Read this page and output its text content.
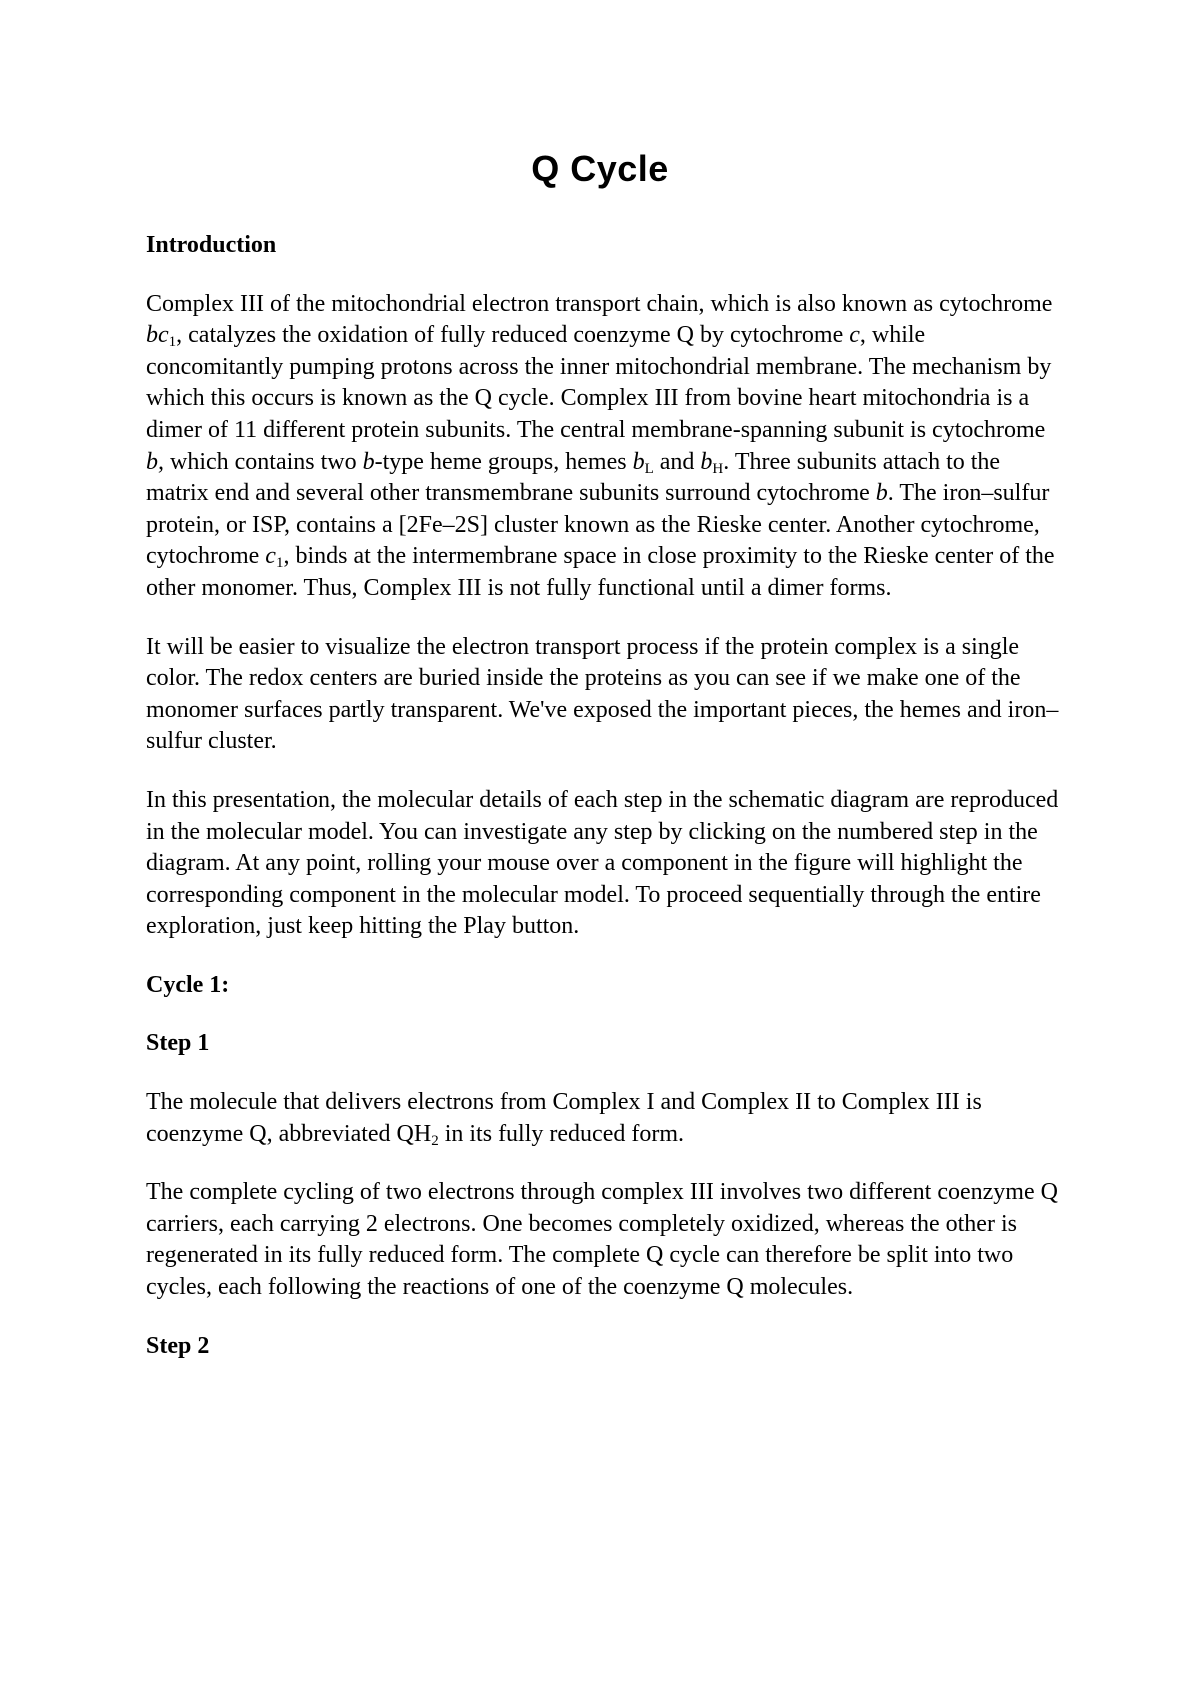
Q Cycle
Introduction

Complex III of the mitochondrial electron transport chain, which is also known as cytochrome $bc_1$, catalyzes the oxidation of fully reduced coenzyme Q by cytochrome c, while concomitantly pumping protons across the inner mitochondrial membrane. The mechanism by which this occurs is known as the Q cycle. Complex III from bovine heart mitochondria is a dimer of 11 different protein subunits. The central membrane-spanning subunit is cytochrome b, which contains two b-type heme groups, hemes $b_L$ and $b_H$. Three subunits attach to the matrix end and several other transmembrane subunits surround cytochrome b. The iron–sulfur protein, or ISP, contains a [2Fe–2S] cluster known as the Rieske center. Another cytochrome, cytochrome $c_1$, binds at the intermembrane space in close proximity to the Rieske center of the other monomer. Thus, Complex III is not fully functional until a dimer forms.

It will be easier to visualize the electron transport process if the protein complex is a single color. The redox centers are buried inside the proteins as you can see if we make one of the monomer surfaces partly transparent. We've exposed the important pieces, the hemes and iron–sulfur cluster.

In this presentation, the molecular details of each step in the schematic diagram are reproduced in the molecular model. You can investigate any step by clicking on the numbered step in the diagram. At any point, rolling your mouse over a component in the figure will highlight the corresponding component in the molecular model. To proceed sequentially through the entire exploration, just keep hitting the Play button.

Cycle 1:
Step 1

The molecule that delivers electrons from Complex I and Complex II to Complex III is coenzyme Q, abbreviated $QH_2$ in its fully reduced form.

The complete cycling of two electrons through complex III involves two different coenzyme Q carriers, each carrying 2 electrons. One becomes completely oxidized, whereas the other is regenerated in its fully reduced form. The complete Q cycle can therefore be split into two cycles, each following the reactions of one of the coenzyme Q molecules.

Step 2
